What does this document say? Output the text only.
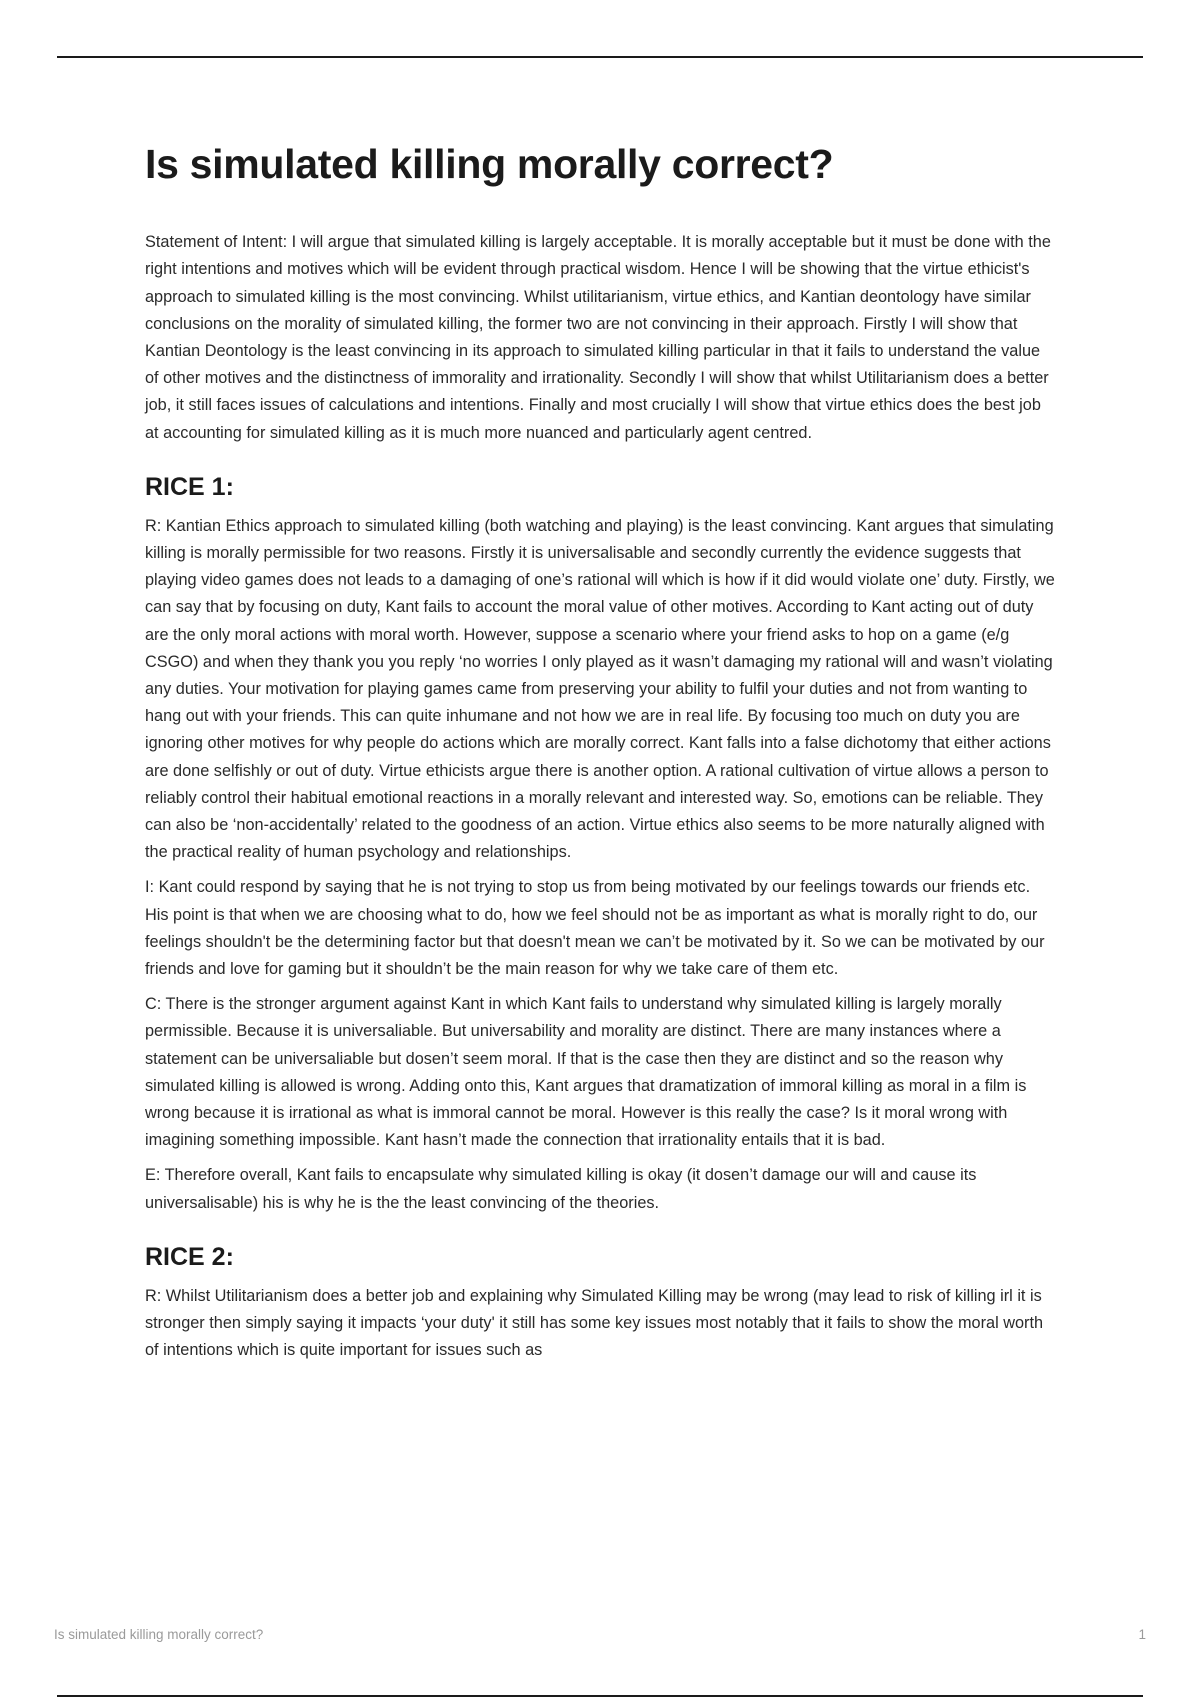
Is simulated killing morally correct?

Statement of Intent: I will argue that simulated killing is largely acceptable. It is morally acceptable but it must be done with the right intentions and motives which will be evident through practical wisdom. Hence I will be showing that the virtue ethicist's approach to simulated killing is the most convincing. Whilst utilitarianism, virtue ethics, and Kantian deontology have similar conclusions on the morality of simulated killing, the former two are not convincing in their approach. Firstly I will show that Kantian Deontology is the least convincing in its approach to simulated killing particular in that it fails to understand the value of other motives and the distinctness of immorality and irrationality. Secondly I will show that whilst Utilitarianism does a better job, it still faces issues of calculations and intentions. Finally and most crucially I will show that virtue ethics does the best job at accounting for simulated killing as it is much more nuanced and particularly agent centred.

RICE 1:

R: Kantian Ethics approach to simulated killing (both watching and playing) is the least convincing. Kant argues that simulating killing is morally permissible for two reasons. Firstly it is universalisable and secondly currently the evidence suggests that playing video games does not leads to a damaging of one’s rational will which is how if it did would violate one’ duty. Firstly, we can say that by focusing on duty, Kant fails to account the moral value of other motives. According to Kant acting out of duty are the only moral actions with moral worth. However, suppose a scenario where your friend asks to hop on a game (e/g CSGO) and when they thank you you reply ‘no worries I only played as it wasn’t damaging my rational will and wasn’t violating any duties. Your motivation for playing games came from preserving your ability to fulfil your duties and not from wanting to hang out with your friends. This can quite inhumane and not how we are in real life. By focusing too much on duty you are ignoring other motives for why people do actions which are morally correct. Kant falls into a false dichotomy that either actions are done selfishly or out of duty. Virtue ethicists argue there is another option. A rational cultivation of virtue allows a person to reliably control their habitual emotional reactions in a morally relevant and interested way. So, emotions can be reliable. They can also be ‘non-accidentally’ related to the goodness of an action. Virtue ethics also seems to be more naturally aligned with the practical reality of human psychology and relationships.

I: Kant could respond by saying that he is not trying to stop us from being motivated by our feelings towards our friends etc. His point is that when we are choosing what to do, how we feel should not be as important as what is morally right to do, our feelings shouldn't be the determining factor but that doesn't mean we can’t be motivated by it. So we can be motivated by our friends and love for gaming but it shouldn’t be the main reason for why we take care of them etc.

C: There is the stronger argument against Kant in which Kant fails to understand why simulated killing is largely morally permissible. Because it is universaliable. But universability and morality are distinct. There are many instances where a statement can be universaliable but dosen’t seem moral. If that is the case then they are distinct and so the reason why simulated killing is allowed is wrong. Adding onto this, Kant argues that dramatization of immoral killing as moral in a film is wrong because it is irrational as what is immoral cannot be moral. However is this really the case? Is it moral wrong with imagining something impossible. Kant hasn’t made the connection that irrationality entails that it is bad.

E: Therefore overall, Kant fails to encapsulate why simulated killing is okay (it dosen’t damage our will and cause its universalisable) his is why he is the the least convincing of the theories.

RICE 2:

R: Whilst Utilitarianism does a better job and explaining why Simulated Killing may be wrong (may lead to risk of killing irl it is stronger then simply saying it impacts ‘your duty' it still has some key issues most notably that it fails to show the moral worth of intentions which is quite important for issues such as

Is simulated killing morally correct?	1
